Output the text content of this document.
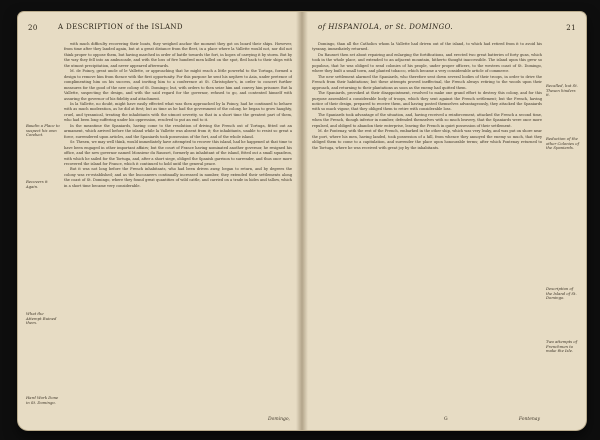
20	A DESCRIPTION of the ISLAND
Baudin a Place to suspect his own Conduct.
Recovers it Again.
What the Attempt Ruined them.
Hard Work Done in St. Domingo.

with much difficulty recovering their boats, they weighed anchor the moment they got on board their ships. However, from time after they landed again, but at a great distance from the fleet, in a place where la Vallette would not, nor did not think proper to oppose them, but having marched in order of battle towards the fort, in hopes of carrying it by storm. But by the way they fell into an ambuscade, and with the loss of five hundred men killed on the spot, fled back to their ships with the utmost precipitation, and never appeared afterwards.

M. de Poincy, great uncle of le Vallette, or approaching that he might reach a little powerful to the Tortuga, formed a design to remove him from thence with the first opportunity. For this purpose he sent his nephew to Asia, under pretence of complimenting him on his success, and inviting him to a conference at St. Christopher's, in order to concert further measures for the good of the new colony of St. Domingo; but, with orders to then seize him and convey him prisoner. But la Vallette, suspecting the design, and with the said regard for the governor, refused to go, and contented himself with assuring the governor of his fidelity and attachment.

In la Vallette, no doubt, might have easily effected what was then approached by la Poincy, had he continued to behave with as much moderation, as he did at first; but as time as he had the government of the colony, he began to grow haughty, cruel, and tyrannical, treating the inhabitants with the utmost severity, so that in a short time the greatest part of them, who had been long suffering under his oppression, resolved to put an end to it.

In the meantime the Spaniards, having come to the resolution of driving the French out of Tortuga, fitted out an armament, which arrived before the island while la Vallette was absent from it; the inhabitants, unable to resist so great a force, surrendered upon articles, and the Spaniards took possession of the fort, and of the whole island.

Sr. Thesen, we may well think, would immediately have attempted to recover this island, had he happened at that time to have been engaged in other important affairs; but the court of France having nominated another governor, he resigned his office, and the new governor named Monsieur du Rausset, formerly an inhabitant of the island, fitted out a small squadron, with which he sailed for the Tortuga, and, after a short siege, obliged the Spanish garrison to surrender, and thus once more recovered the island for France, which it continued to hold until the general peace.

But it was not long before the French inhabitants, who had been driven away, began to return, and by degrees the colony was re-established; and as the buccaneers continually increased in number, they extended their settlements along the coast of St. Domingo, where they found great quantities of wild cattle, and carried on a trade in hides and tallow, which in a short time became very considerable.

Domingo,
of HISPANIOLA, or St. DOMINGO.	21
Recalled, but St. Thesen hinders it.
Reduction of the other Colonies of the Spaniards.
Description of the Island of St. Domingo.
Two attempts of Frenchmen to make the Isle.

Domingo, than all the Catholics whom la Vallette had driven out of the island, to which had retired from it to avoid his tyranny, immediately returned.

Du Rausset then set about repairing and enlarging the fortifications, and erected two great batteries of forty guns, which took in the whole place, and extended to an adjacent mountain, hitherto thought inaccessible. The island upon this grew so populous, that he was obliged to send colonies of his people, under proper officers, to the western coast of St. Domingo, where they built a small town, and planted tobacco, which became a very considerable article of commerce.

The new settlement alarmed the Spaniards, who therefore sent down several bodies of their troops, in order to drive the French from their habitations; but these attempts proved ineffectual, the French always retiring to the woods upon their approach, and returning to their plantations as soon as the enemy had quitted them.

The Spaniards, provoked at their disappointment, resolved to make one grand effort to destroy this colony, and for this purpose assembled a considerable body of troops, which they sent against the French settlement; but the French, having notice of their design, prepared to receive them, and having posted themselves advantageously, they attacked the Spaniards with so much vigour, that they obliged them to retire with considerable loss.

The Spaniards took advantage of the situation, and, having received a reinforcement, attacked the French a second time, when the French, though inferior in number, defended themselves with so much bravery, that the Spaniards were once more repulsed, and obliged to abandon their enterprise, leaving the French in quiet possession of their settlement.

M. de Fontenay, with the rest of the French, embarked in the other ship, which was very leaky, and was put on shore near the port, where his men, having landed, took possession of a hill, from whence they annoyed the enemy so much, that they obliged them to come to a capitulation, and surrender the place upon honourable terms; after which Fontenay returned to the Tortuga, where he was received with great joy by the inhabitants.

G	Fontenay
